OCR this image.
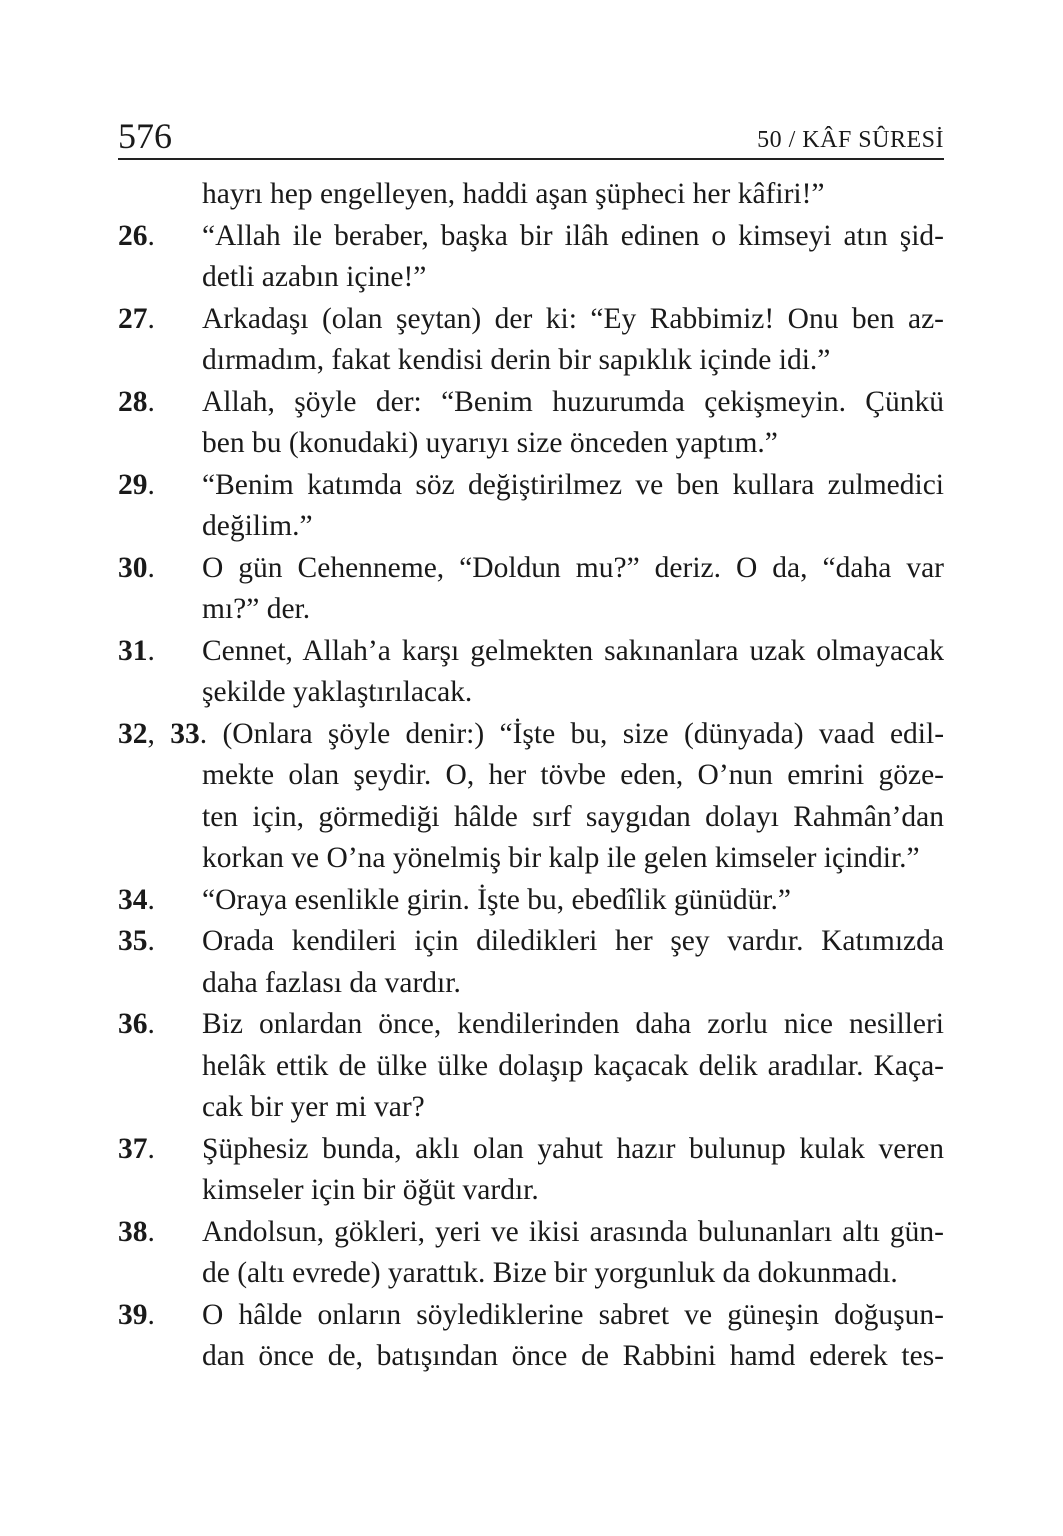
576	50 / KÂF SÛRESİ
hayrı hep engelleyen, haddi aşan şüpheci her kâfiri!”
26.	“Allah ile beraber, başka bir ilâh edinen o kimseyi atın şid-
detli azabın içine!”
27.	Arkadaşı (olan şeytan) der ki: “Ey Rabbimiz! Onu ben az-
dırmadım, fakat kendisi derin bir sapıklık içinde idi.”
28.	Allah, şöyle der: “Benim huzurumda çekişmeyin. Çünkü
ben bu (konudaki) uyarıyı size önceden yaptım.”
29.	“Benim katımda söz değiştirilmez ve ben kullara zulmedici
değilim.”
30.	O gün Cehenneme, “Doldun mu?” deriz. O da, “daha var
mı?” der.
31.	Cennet, Allah’a karşı gelmekten sakınanlara uzak olmayacak
şekilde yaklaştırılacak.
32, 33. (Onlara şöyle denir:) “İşte bu, size (dünyada) vaad edil-
mekte olan şeydir. O, her tövbe eden, O’nun emrini göze-
ten için, görmediği hâlde sırf saygıdan dolayı Rahmân’dan
korkan ve O’na yönelmiş bir kalp ile gelen kimseler içindir.”
34.	“Oraya esenlikle girin. İşte bu, ebedîlik günüdür.”
35.	Orada kendileri için diledikleri her şey vardır. Katımızda
daha fazlası da vardır.
36.	Biz onlardan önce, kendilerinden daha zorlu nice nesilleri
helâk ettik de ülke ülke dolaşıp kaçacak delik aradılar. Kaça-
cak bir yer mi var?
37.	Şüphesiz bunda, aklı olan yahut hazır bulunup kulak veren
kimseler için bir öğüt vardır.
38.	Andolsun, gökleri, yeri ve ikisi arasında bulunanları altı gün-
de (altı evrede) yarattık. Bize bir yorgunluk da dokunmadı.
39.	O hâlde onların söylediklerine sabret ve güneşin doğuşun-
dan önce de, batışından önce de Rabbini hamd ederek tes-
